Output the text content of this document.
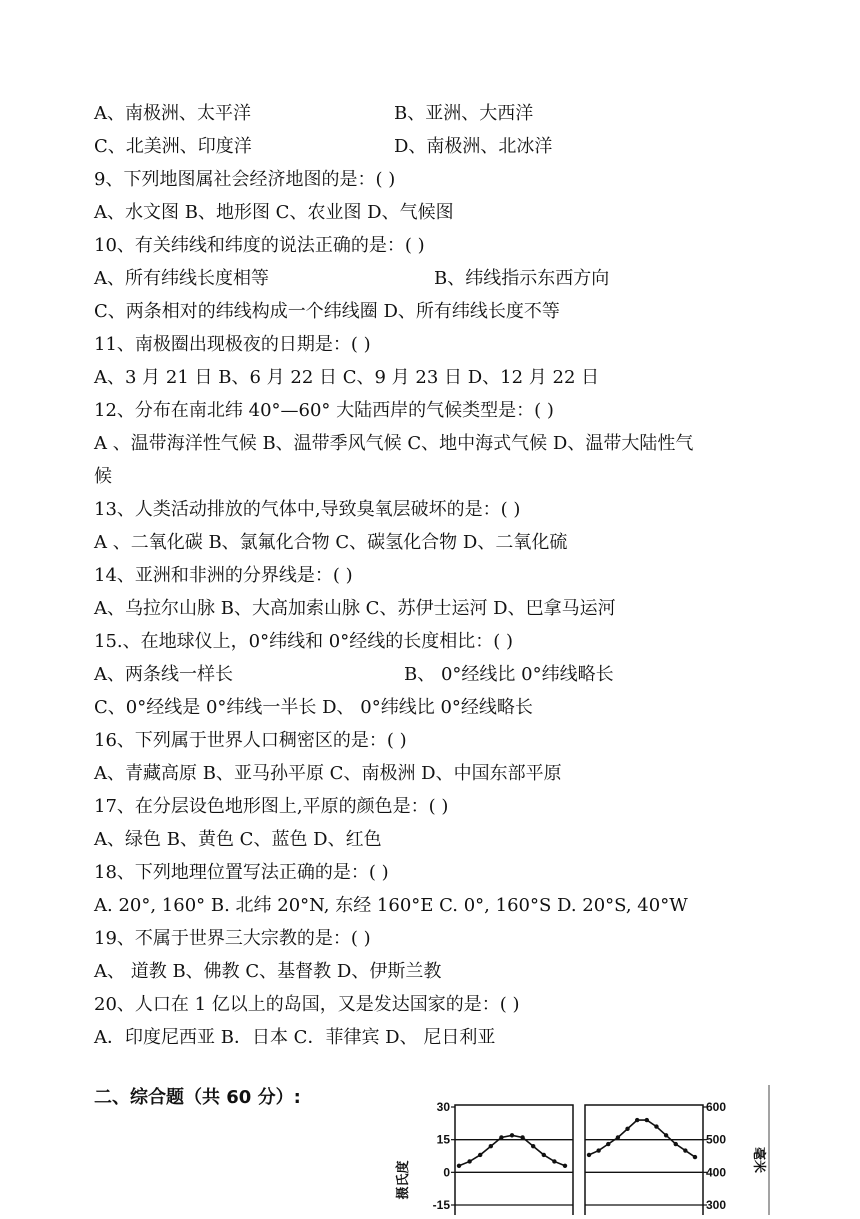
A、南极洲、太平洋	B、亚洲、大西洋
C、北美洲、印度洋	D、南极洲、北冰洋
9、下列地图属社会经济地图的是：( )
A、水文图 B、地形图 C、农业图 D、气候图
10、有关纬线和纬度的说法正确的是：( )
A、所有纬线长度相等	B、纬线指示东西方向
C、两条相对的纬线构成一个纬线圈 D、所有纬线长度不等
11、南极圈出现极夜的日期是：( )
A、3 月 21 日 B、6 月 22 日 C、9 月 23 日 D、12 月 22 日
12、分布在南北纬 40°—60° 大陆西岸的气候类型是：( )
A 、温带海洋性气候 B、温带季风气候 C、地中海式气候 D、温带大陆性气
候
13、人类活动排放的气体中,导致臭氧层破坏的是：( )
A 、二氧化碳 B、氯氟化合物 C、碳氢化合物 D、二氧化硫
14、亚洲和非洲的分界线是：( )
A、乌拉尔山脉 B、大高加索山脉 C、苏伊士运河 D、巴拿马运河
15.、在地球仪上，0°纬线和 0°经线的长度相比：( )
A、两条线一样长	B、 0°经线比 0°纬线略长
C、0°经线是 0°纬线一半长 D、 0°纬线比 0°经线略长
16、下列属于世界人口稠密区的是：( )
A、青藏高原 B、亚马孙平原 C、南极洲 D、中国东部平原
17、在分层设色地形图上,平原的颜色是：( )
A、绿色 B、黄色 C、蓝色 D、红色
18、下列地理位置写法正确的是：( )
A. 20°, 160° B. 北纬 20°N, 东经 160°E C. 0°, 160°S D. 20°S, 40°W
19、不属于世界三大宗教的是：( )
A、 道教 B、佛教 C、基督教 D、伊斯兰教
20、人口在 1 亿以上的岛国，又是发达国家的是：( )
A．印度尼西亚 B．日本 C．菲律宾 D、 尼日利亚
二、综合题（共 60 分）:	30
15
0
-15
600
500
400
300
摄氏度
毫米
